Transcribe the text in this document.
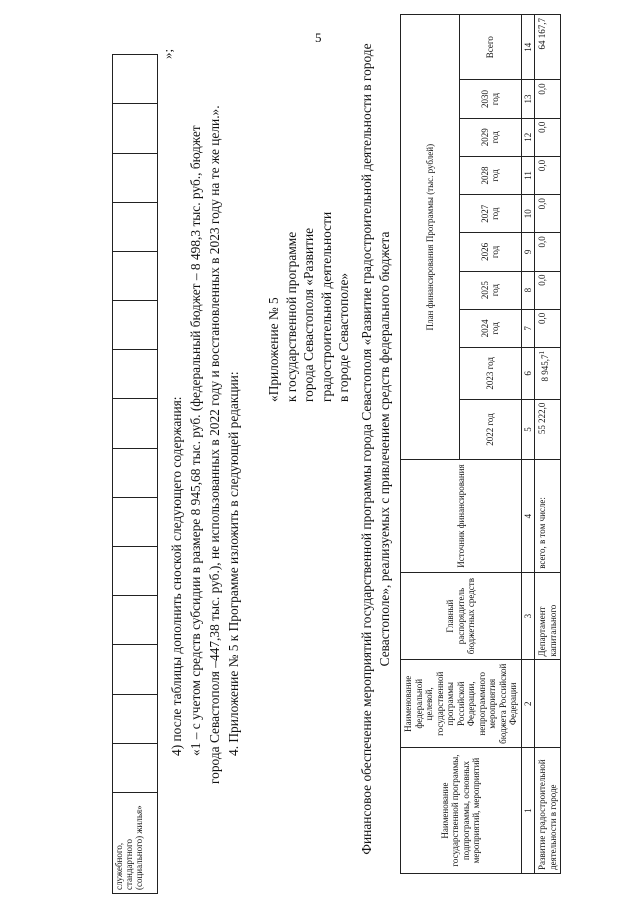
5
служебного, стандартного (социального) жилья»															
»;
4) после таблицы дополнить сноской следующего содержания: «1 – с учетом средств субсидии в размере 8 945,68 тыс. руб. (федеральный бюджет – 8 498,3 тыс. руб., бюджет города Севастополя –447,38 тыс. руб.), не использованных в 2022 году и восстановленных в 2023 году на те же цели.». 4. Приложение № 5 к Программе изложить в следующей редакции:
«Приложение № 5 к государственной программе города Севастополя «Развитие градостроительной деятельности в городе Севастополе» Финансовое обеспечение мероприятий государственной программы города Севастополя «Развитие градостроительной деятельности в городе Севастополе», реализуемых с привлечением средств федерального бюджета
Наименование государственной программы, подпрограммы, основных мероприятий, мероприятий	Наименование федеральной целевой, государственной программы Российской Федерации, непрограммного мероприятия бюджета Российской Федерации	Главный распорядитель бюджетных средств	Источник финансирования	План финансирования Программы (тыс. рублей)									
				2022 год	2023 год	2024 год	2025 год	2026 год	2027 год	2028 год	2029 год	2030 год	Всего
1	2	3	4	5	6	7	8	9	10	11	12	13	14
Развитие градостроительной деятельности в городе		Департамент капитального	всего, в том числе:	55 222,0	8 945,7$^1$	0,0	0,0	0,0	0,0	0,0	0,0	0,0	64 167,7
